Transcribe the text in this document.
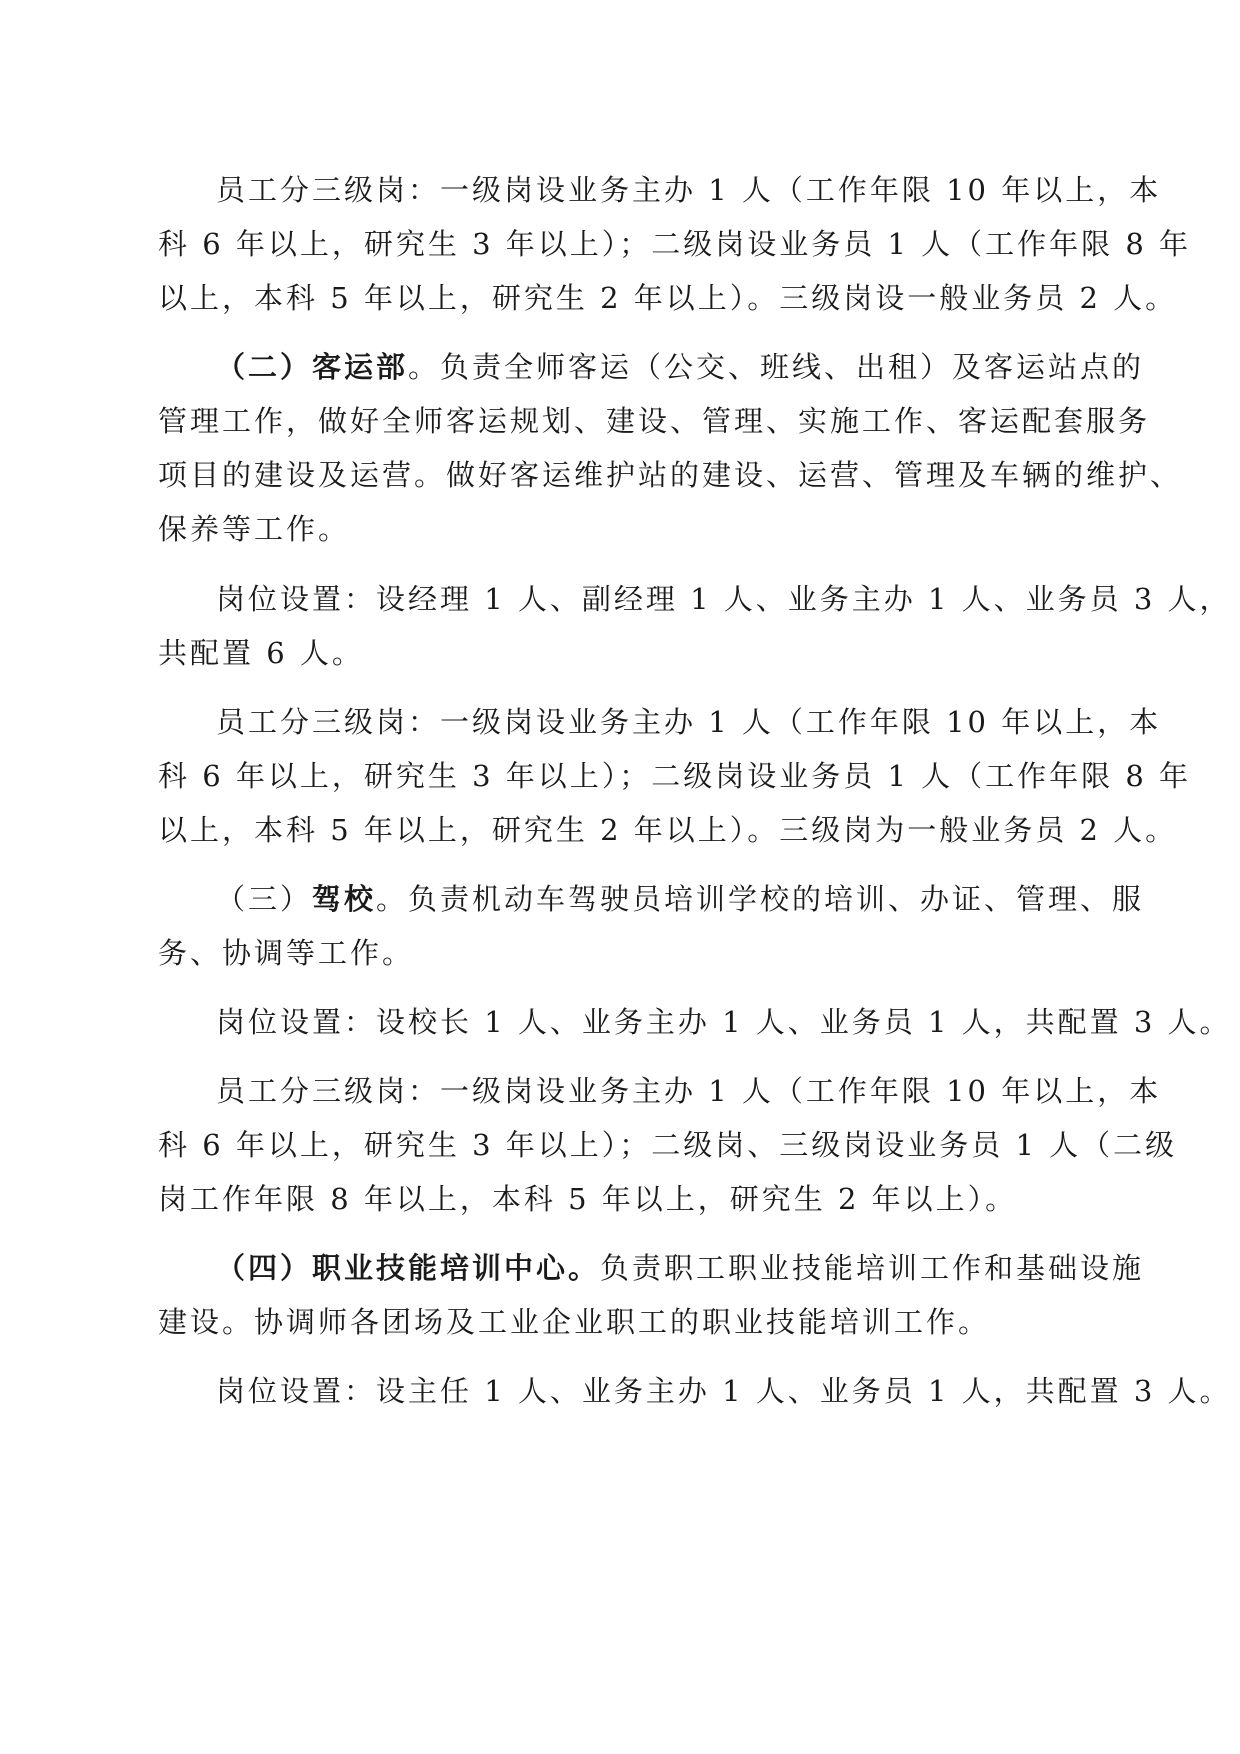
员工分三级岗：一级岗设业务主办 1 人（工作年限 10 年以上，本
科 6 年以上，研究生 3 年以上）；二级岗设业务员 1 人（工作年限 8 年
以上，本科 5 年以上，研究生 2 年以上）。三级岗设一般业务员 2 人。
（二）客运部。负责全师客运（公交、班线、出租）及客运站点的
管理工作，做好全师客运规划、建设、管理、实施工作、客运配套服务
项目的建设及运营。做好客运维护站的建设、运营、管理及车辆的维护、
保养等工作。
岗位设置：设经理 1 人、副经理 1 人、业务主办 1 人、业务员 3 人，
共配置 6 人。
员工分三级岗：一级岗设业务主办 1 人（工作年限 10 年以上，本
科 6 年以上，研究生 3 年以上）；二级岗设业务员 1 人（工作年限 8 年
以上，本科 5 年以上，研究生 2 年以上）。三级岗为一般业务员 2 人。
（三）驾校。负责机动车驾驶员培训学校的培训、办证、管理、服
务、协调等工作。
岗位设置：设校长 1 人、业务主办 1 人、业务员 1 人，共配置 3 人。
员工分三级岗：一级岗设业务主办 1 人（工作年限 10 年以上，本
科 6 年以上，研究生 3 年以上）；二级岗、三级岗设业务员 1 人（二级
岗工作年限 8 年以上，本科 5 年以上，研究生 2 年以上）。
（四）职业技能培训中心。负责职工职业技能培训工作和基础设施
建设。协调师各团场及工业企业职工的职业技能培训工作。
岗位设置：设主任 1 人、业务主办 1 人、业务员 1 人，共配置 3 人。
